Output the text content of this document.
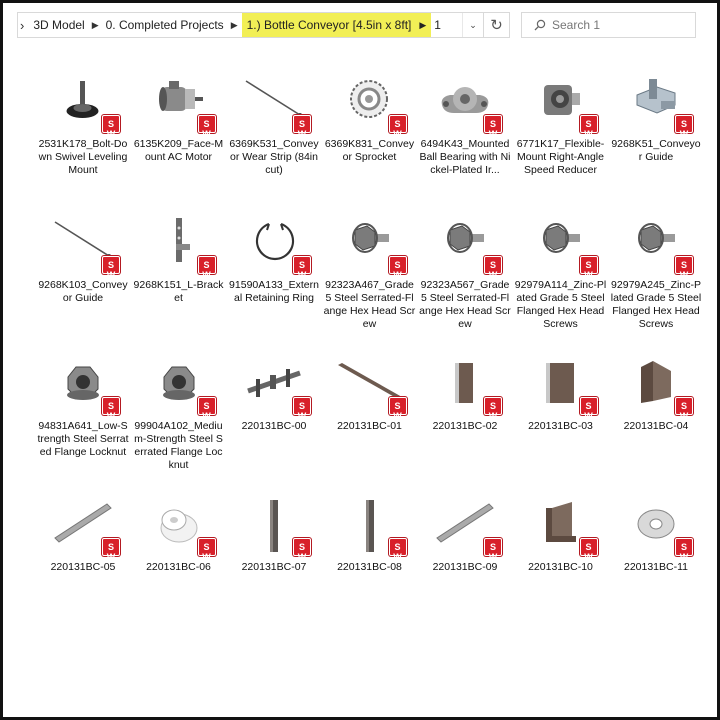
› 3D Model ▶ 0. Completed Projects ▶ 1.) Bottle Conveyor [4.5in x 8ft] ▶ 1	⌄ ↻	Search 1
S
W
2531K178_Bolt-Down Swivel Leveling Mount
S
W
6135K209_Face-Mount AC Motor
S
W
6369K531_Conveyor Wear Strip (84in cut)
S
W
6369K831_Conveyor Sprocket
S
W
6494K43_Mounted Ball Bearing with Nickel-Plated Ir...
S
W
6771K17_Flexible-Mount Right-Angle Speed Reducer
S
W
9268K51_Conveyor Guide
S
W
9268K103_Conveyor Guide
S
W
9268K151_L-Bracket
S
W
91590A133_External Retaining Ring
S
W
92323A467_Grade 5 Steel Serrated-Flange Hex Head Screw
S
W
92323A567_Grade 5 Steel Serrated-Flange Hex Head Screw
S
W
92979A114_Zinc-Plated Grade 5 Steel Flanged Hex Head Screws
S
W
92979A245_Zinc-Plated Grade 5 Steel Flanged Hex Head Screws
S
W
94831A641_Low-Strength Steel Serrated Flange Locknut
S
W
99904A102_Medium-Strength Steel Serrated Flange Locknut
S
W
220131BC-00
S
W
220131BC-01
S
W
220131BC-02
S
W
220131BC-03
S
W
220131BC-04
S
W
220131BC-05
S
W
220131BC-06
S
W
220131BC-07
S
W
220131BC-08
S
W
220131BC-09
S
W
220131BC-10
S
W
220131BC-11
